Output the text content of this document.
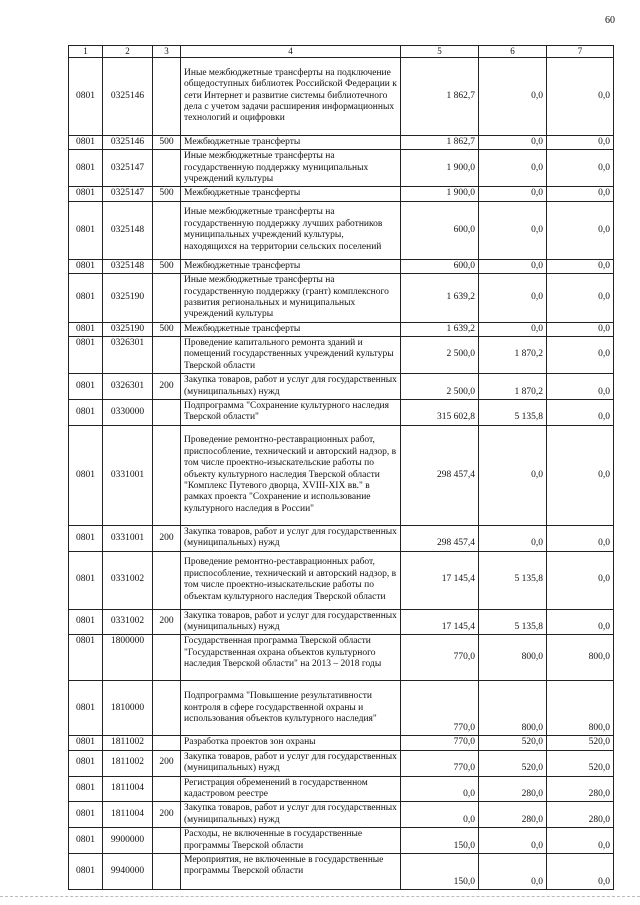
60
1	2	3	4	5	6	7
0801	0325146		Иные межбюджетные трансферты на подключение общедоступных библиотек Российской Федерации к сети Интернет и развитие системы библиотечного дела с учетом задачи расширения информационных технологий и оцифровки	1 862,7	0,0	0,0
0801	0325146	500	Межбюджетные трансферты	1 862,7	0,0	0,0
0801	0325147		Иные межбюджетные трансферты на государственную поддержку муниципальных учреждений культуры	1 900,0	0,0	0,0
0801	0325147	500	Межбюджетные трансферты	1 900,0	0,0	0,0
0801	0325148		Иные межбюджетные трансферты на государственную поддержку лучших работников муниципальных учреждений культуры, находящихся на территории сельских поселений	600,0	0,0	0,0
0801	0325148	500	Межбюджетные трансферты	600,0	0,0	0,0
0801	0325190		Иные межбюджетные трансферты на государственную поддержку (грант) комплексного развития региональных и муниципальных учреждений культуры	1 639,2	0,0	0,0
0801	0325190	500	Межбюджетные трансферты	1 639,2	0,0	0,0
0801	0326301		Проведение капитального ремонта зданий и помещений государственных учреждений культуры Тверской области	2 500,0	1 870,2	0,0
0801	0326301	200	Закупка товаров, работ и услуг для государственных (муниципальных) нужд	2 500,0	1 870,2	0,0
0801	0330000		Подпрограмма "Сохранение культурного наследия Тверской области"	315 602,8	5 135,8	0,0
0801	0331001		Проведение ремонтно-реставрационных работ, приспособление, технический и авторский надзор, в том числе проектно-изыскательские работы по объекту культурного наследия Тверской области "Комплекс Путевого дворца, XVIII-XIX вв." в рамках проекта "Сохранение и использование культурного наследия в России"	298 457,4	0,0	0,0
0801	0331001	200	Закупка товаров, работ и услуг для государственных (муниципальных) нужд	298 457,4	0,0	0,0
0801	0331002		Проведение ремонтно-реставрационных работ, приспособление, технический и авторский надзор, в том числе проектно-изыскательские работы по объектам культурного наследия Тверской области	17 145,4	5 135,8	0,0
0801	0331002	200	Закупка товаров, работ и услуг для государственных (муниципальных) нужд	17 145,4	5 135,8	0,0
0801	1800000		Государственная программа Тверской области "Государственная охрана объектов культурного наследия Тверской области" на 2013 – 2018 годы	770,0	800,0	800,0
0801	1810000		Подпрограмма "Повышение результативности контроля в сфере государственной охраны и использования объектов культурного наследия"	770,0	800,0	800,0
0801	1811002		Разработка проектов зон охраны	770,0	520,0	520,0
0801	1811002	200	Закупка товаров, работ и услуг для государственных (муниципальных) нужд	770,0	520,0	520,0
0801	1811004		Регистрация обременений в государственном кадастровом реестре	0,0	280,0	280,0
0801	1811004	200	Закупка товаров, работ и услуг для государственных (муниципальных) нужд	0,0	280,0	280,0
0801	9900000		Расходы, не включенные в государственные программы Тверской области	150,0	0,0	0,0
0801	9940000		Мероприятия, не включенные в государственные программы Тверской области	150,0	0,0	0,0
